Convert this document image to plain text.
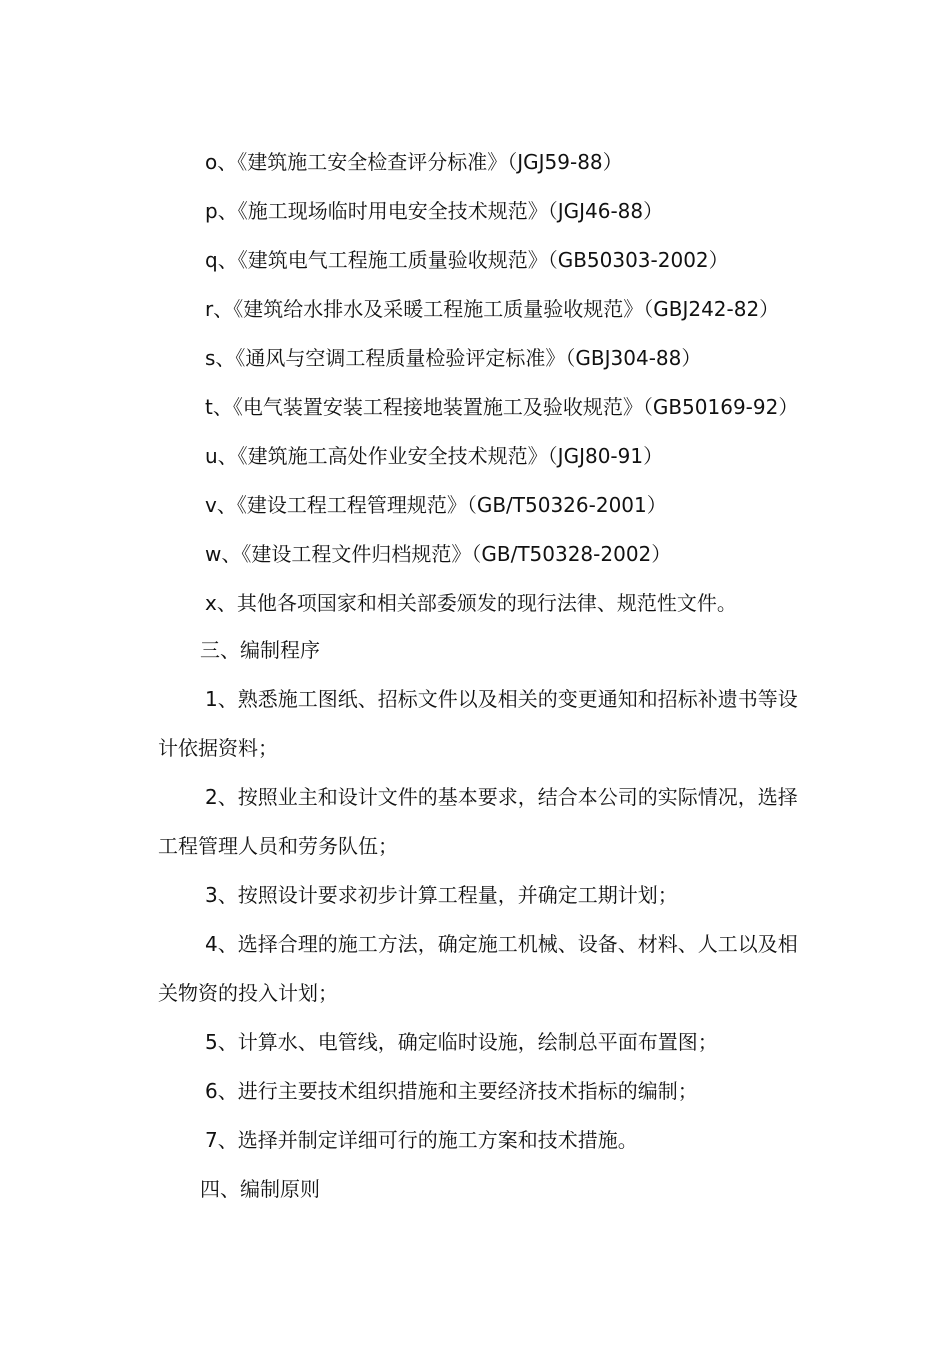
o、《建筑施工安全检查评分标准》（JGJ59-88）
p、《施工现场临时用电安全技术规范》（JGJ46-88）
q、《建筑电气工程施工质量验收规范》（GB50303-2002）
r、《建筑给水排水及采暖工程施工质量验收规范》（GBJ242-82）
s、《通风与空调工程质量检验评定标准》（GBJ304-88）
t、《电气装置安装工程接地装置施工及验收规范》（GB50169-92）
u、《建筑施工高处作业安全技术规范》（JGJ80-91）
v、《建设工程工程管理规范》（GB/T50326-2001）
w、《建设工程文件归档规范》（GB/T50328-2002）
x、其他各项国家和相关部委颁发的现行法律、规范性文件。
三、编制程序
1、熟悉施工图纸、招标文件以及相关的变更通知和招标补遗书等设
计依据资料；
2、按照业主和设计文件的基本要求，结合本公司的实际情况，选择
工程管理人员和劳务队伍；
3、按照设计要求初步计算工程量，并确定工期计划；
4、选择合理的施工方法，确定施工机械、设备、材料、人工以及相
关物资的投入计划；
5、计算水、电管线，确定临时设施，绘制总平面布置图；
6、进行主要技术组织措施和主要经济技术指标的编制；
7、选择并制定详细可行的施工方案和技术措施。
四、编制原则
